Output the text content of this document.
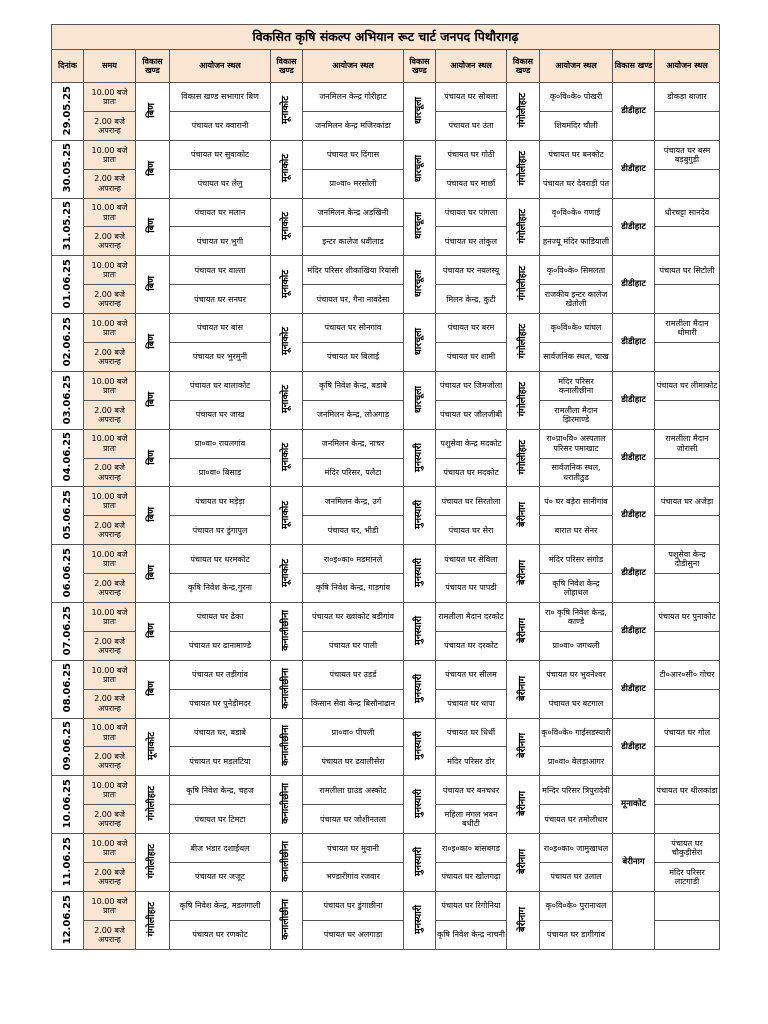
विकसित कृषि संकल्प अभियान रूट चार्ट जनपद पिथौरागढ़											
दिनांक	समय	विकास खण्ड	आयोजन स्थल	विकास खण्ड	आयोजन स्थल	विकास खण्ड	आयोजन स्थल	विकास खण्ड	आयोजन स्थल	विकास खण्ड	आयोजन स्थल
29.05.25	10.00 बजे प्रातः	बिण	विकास खण्ड सभागार बिण	मूनाकोट	जनमिलन केन्द्र गोरीहाट	धारचूला	पंचायत घर सोबला	गंगोलीहाट	कृ०वि०के० पोखरी	डीडीहाट	डोकड़ा बाजार
	2.00 बजे अपरान्ह		पंचायत घर क्वारानी		जनमिलन केन्द्र मजिरकांडा		पंचायत घर उंता		शिवमंदिर चौली		
30.05.25	10.00 बजे प्रातः	बिण	पंचायत घर सुवाकोट	मूनाकोट	पंचायत घर दिंगास	धारचूला	पंचायत घर गोठी	गंगोलीहाट	पंचायत घर बनकोट	डीडीहाट	पंचायत घर बस्म बड़बुगुड़ी
	2.00 बजे अपरान्ह		पंचायत घर लेलु		प्रा०वा० मरसोली		पंचायत घर मार्छा		पंचायत घर देवराड़ी पंत		
31.05.25	10.00 बजे प्रातः	बिण	पंचायत घर मलान	मूनाकोट	जनमिलन केन्द्र अड़खिनी	धारचूला	पंचायत घर पांगला	गंगोलीहाट	वृ०वि०के० गणाई	डीडीहाट	धौरचट्टा सानदेव
	2.00 बजे अपरान्ह		पंचायत घर भुगी		इन्टर कालेज धवीलाड		पंचायत घर तांकुल		हनज्यू मंदिर फाडियाली		
01.06.25	10.00 बजे प्रातः	बिण	पंचायत घर वाल्ता	मूनाकोट	मंदिर परिसर शीकाखिया रियांसी	धारचूला	पंचायत घर नयलस्यू	गंगोलीहाट	कृ०वि०के० सिमलता	डीडीहाट	पंचायत घर सिटोली
	2.00 बजे अपरान्ह		पंचायत घर सनघर		पंचायत घर, गैना नावदेसा		मिलन केन्द्र, कुटी		राजकीय इन्टर कालेज खेतोली		
02.06.25	10.00 बजे प्रातः	बिण	पंचायत घर बांस	मूनाकोट	पंचायत घर सोनगांव	धारचूला	पंचायत घर बरम	गंगोलीहाट	कृ०वि०के० घांघल	डीडीहाट	रामलीला मैदान थोमारी
	2.00 बजे अपरान्ह		पंचायत घर भुरमुनी		पंचायत घर बिलाई		पंचायत घर शामी		सार्वजनिक स्थल, चाख		
03.06.25	10.00 बजे प्रातः	बिण	पंचायत घर बालाकोट	मूनाकोट	कृषि निवेश केन्द्र, बडाबे	धारचूला	पंचायत घर जिमजोला	गंगोलीहाट	मंदिर परिसर कनालीछीना	डीडीहाट	पंचायत घर लीमाकोट
	2.00 बजे अपरान्ह		पंचायत घर जाख		जनमिलन केन्द्र, लोअगाड़		पंचायत घर जौलजीबी		रामलीला मैदान झिरमाण्डे		
04.06.25	10.00 बजे प्रातः	बिण	प्रा०वा० रायलगांव	मूनाकोट	जनमिलन केन्द्र, नाचर	मुनस्यारी	पशुसेवा केन्द्र मदकोट	गंगोलीहाट	रा०प्रा०वि० अस्पताल परिसर पमाखाट	डीडीहाट	रामलीला मैदान जोरासी
	2.00 बजे अपरान्ह		प्रा०वा० बिसाड़		मंदिर परिसर, पलेटा		पंचायत घर मदकोट		सार्वजनिक स्थल, धरातीठुड		
05.06.25	10.00 बजे प्रातः	बिण	पंचायत घर मड़ेड़ा	मूनाकोट	जनमिलन केन्द्र, उर्ग	मुनस्यारी	पंचायत घर सिरतोला	बेरीनाग	पं० घर बड़ेरा सानीगांव	डीडीहाट	पंचायत घर अजेड़ा
	2.00 बजे अपरान्ह		पंचायत घर डुंगापुल		पंचायत घर, भीडी		पंचायत घर सेरा		बारात घर सेनर		
06.06.25	10.00 बजे प्रातः	बिण	पंचायत घर धरमकोट	मूनाकोट	रा०इ०का० मडमानले	मुनस्यारी	पंचायत घर सेविला	बेरीनाग	मंदिर परिसर संगोड	डीडीहाट	पशुसेवा केन्द्र दौडीसुना
	2.00 बजे अपरान्ह		कृषि निवेश केन्द्र,गुरना		कृषि निवेश केन्द्र, गाड़गांव		पंचायत घर पापडी		कृषि निवेश केन्द्र लोहाथल		
07.06.25	10.00 बजे प्रातः	बिण	पंचायत घर ढेका	कनालीछीना	पंचायत घर ख्वांकोट बडीगांव	मुनस्यारी	रामलीला मैदान दरकोट	बेरीनाग	रा० कृषि निवेश केन्द्र, काण्डे	डीडीहाट	पंचायत घर पुनाकोट
	2.00 बजे अपरान्ह		पंचायत घर ढानामाण्डे		पंचायत घर पाली		पंचायत घर दरकोट		प्रा०वा० जगथली		
08.06.25	10.00 बजे प्रातः	बिण	पंचायत घर तड़ीगांव	कनालीछीना	पंचायत घर उड़र्ड	मुनस्यारी	पंचायत घर सीलम	बेरीनाग	पंचायत घर भुवनेश्वर	डीडीहाट	टी०आर०सी० गोचर
	2.00 बजे अपरान्ह		पंचायत घर पुनेड़ीमदर		किसान सेवा केन्द्र बिसौनाढान		पंचायत घर धापा		पंचायत घर बटगाल		
09.06.25	10.00 बजे प्रातः	मूनाकोट	पंचायत घर, बडाबे	कनालीछीना	प्रा०वा० पीपली	मुनस्यारी	पंचायत घर धिर्थी	बेरीनाग	कृ०वि०के० गाईसडस्यारी	डीडीहाट	पंचायत घर गोल
	2.00 बजे अपरान्ह		पंचायत घर मड़लटिया		पंचायत घर ढवालीसेरा		मंदिर परिसर डोर		प्रा०वा० बेलड़ाआगर		
10.06.25	10.00 बजे प्रातः	गंगोलीहाट	कृषि निवेश केन्द्र, चहज	कनालीछीना	रामलीला ग्राउंड अस्कोट	मुनस्यारी	पंचायत घर बनचधर	बेरीनाग	मन्दिर परिसर त्रिपुरादेवी	मूनाकोट	पंचायत घर थीलकांडा
	2.00 बजे अपरान्ह		पंचायत घर टिमटा		पंचायत घर जोशीनतला		महिला मंगल भवन बधीटी		पंचायत घर तमोलीधार		
11.06.25	10.00 बजे प्रातः	गंगोलीहाट	बीज भंडार दशाईथल	कनालीछीना	पंचायत घर मुवानी	मुनस्यारी	रा०इ०का० बांसबगड	बेरीनाग	रा०इ०का० जामुखाथल	बेरीनाग	पंचायत घर चौकुड़ीसेरा
	2.00 बजे अपरान्ह		पंचायत घर जजूट		भण्डारीगांव रजवार		पंचायत घर खोलगढ़ा		पंचायत घर उलाल		मंदिर परिसर लाटगाडी
12.06.25	10.00 बजे प्रातः	गंगोलीहाट	कृषि निवेश केन्द्र, मडलगाली	कनालीछीना	पंचायत घर डुंगाछीना	मुनस्यारी	पंचायत घर रिगोनिया	बेरीनाग	कृ०वि०के० पुरानाथल		
	2.00 बजे अपरान्ह		पंचायत घर रणकोट		पंचायत घर अलगाड़ा		कृषि निवेश केन्द्र नाचनी		पंचायत घर डागीगांव		
